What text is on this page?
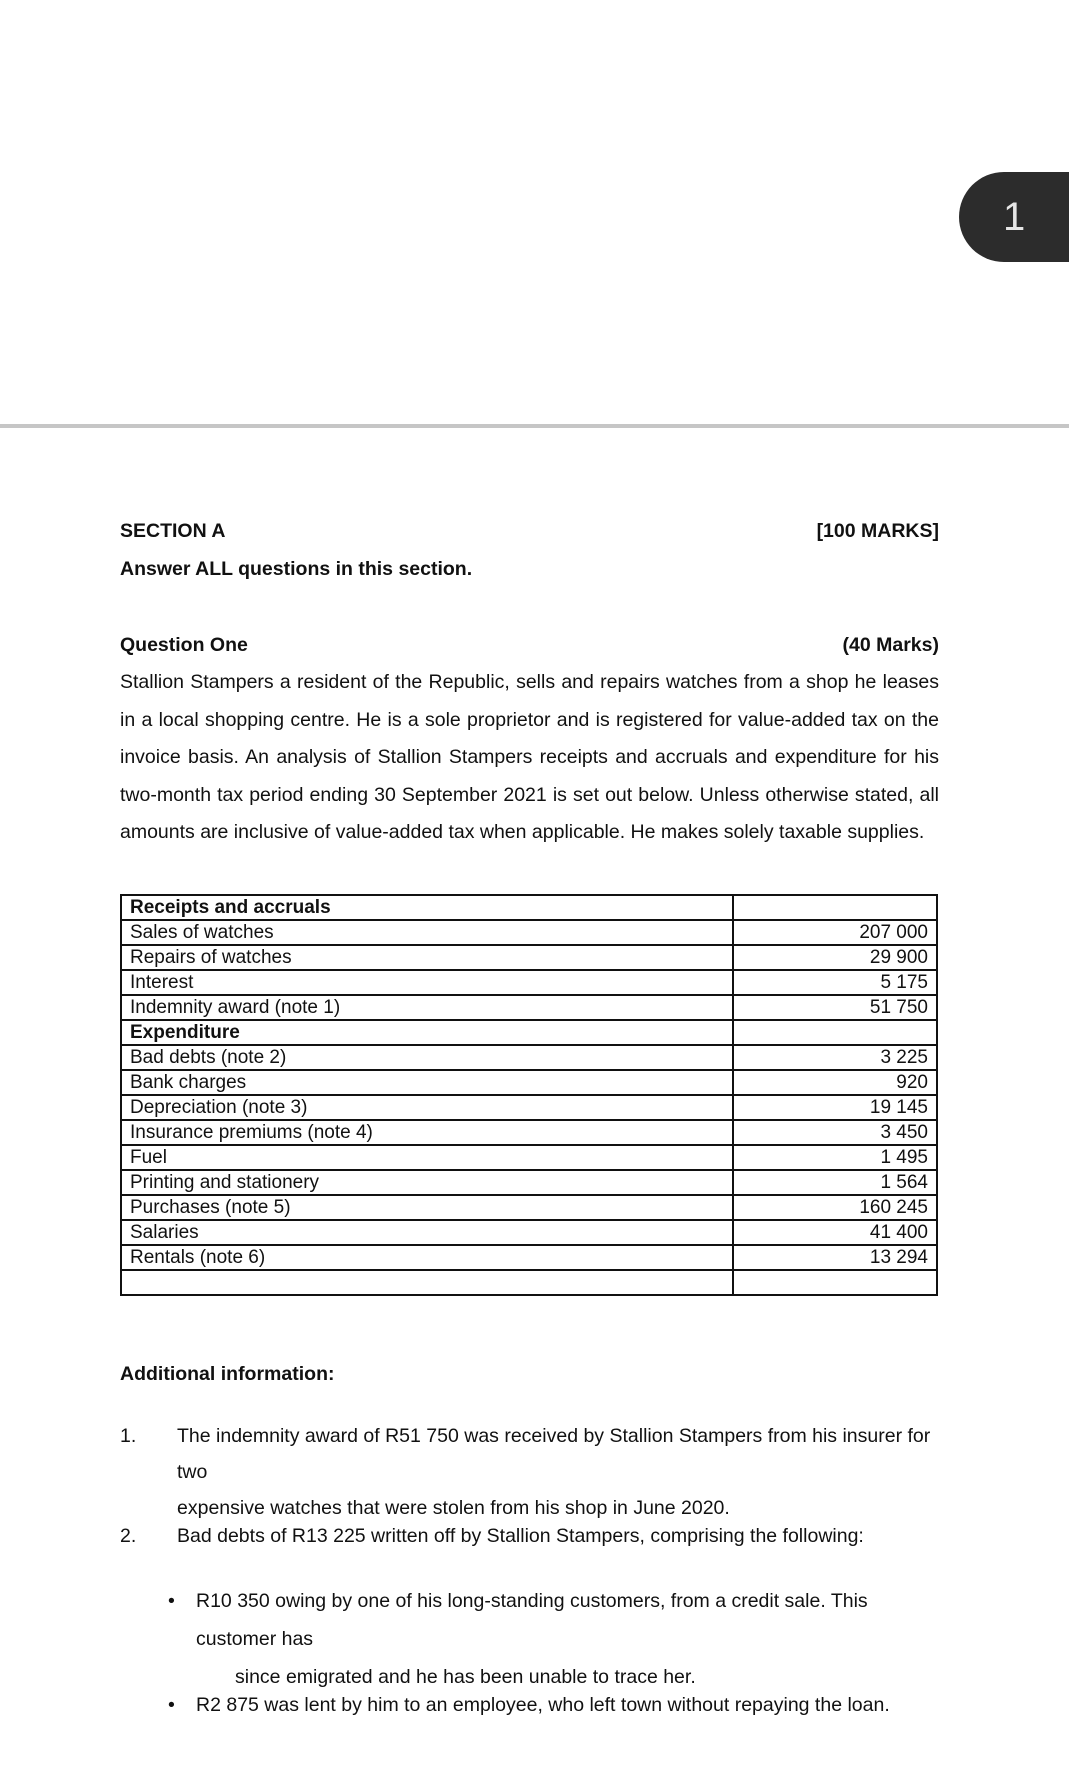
1
SECTION A	[100 MARKS]
Answer ALL questions in this section.
Question One	(40 Marks)
Stallion Stampers a resident of the Republic, sells and repairs watches from a shop he leases in a local shopping centre. He is a sole proprietor and is registered for value-added tax on the invoice basis. An analysis of Stallion Stampers receipts and accruals and expenditure for his two-month tax period ending 30 September 2021 is set out below. Unless otherwise stated, all amounts are inclusive of value-added tax when applicable. He makes solely taxable supplies.
Receipts and accruals	
Sales of watches	207 000
Repairs of watches	29 900
Interest	5 175
Indemnity award (note 1)	51 750
Expenditure	
Bad debts (note 2)	3 225
Bank charges	920
Depreciation (note 3)	19 145
Insurance premiums (note 4)	3 450
Fuel	1 495
Printing and stationery	1 564
Purchases (note 5)	160 245
Salaries	41 400
Rentals (note 6)	13 294

Additional information:
1. The indemnity award of R51 750 was received by Stallion Stampers from his insurer for two
expensive watches that were stolen from his shop in June 2020.
2. Bad debts of R13 225 written off by Stallion Stampers, comprising the following:
• R10 350 owing by one of his long-standing customers, from a credit sale. This customer has
since emigrated and he has been unable to trace her.
• R2 875 was lent by him to an employee, who left town without repaying the loan.
